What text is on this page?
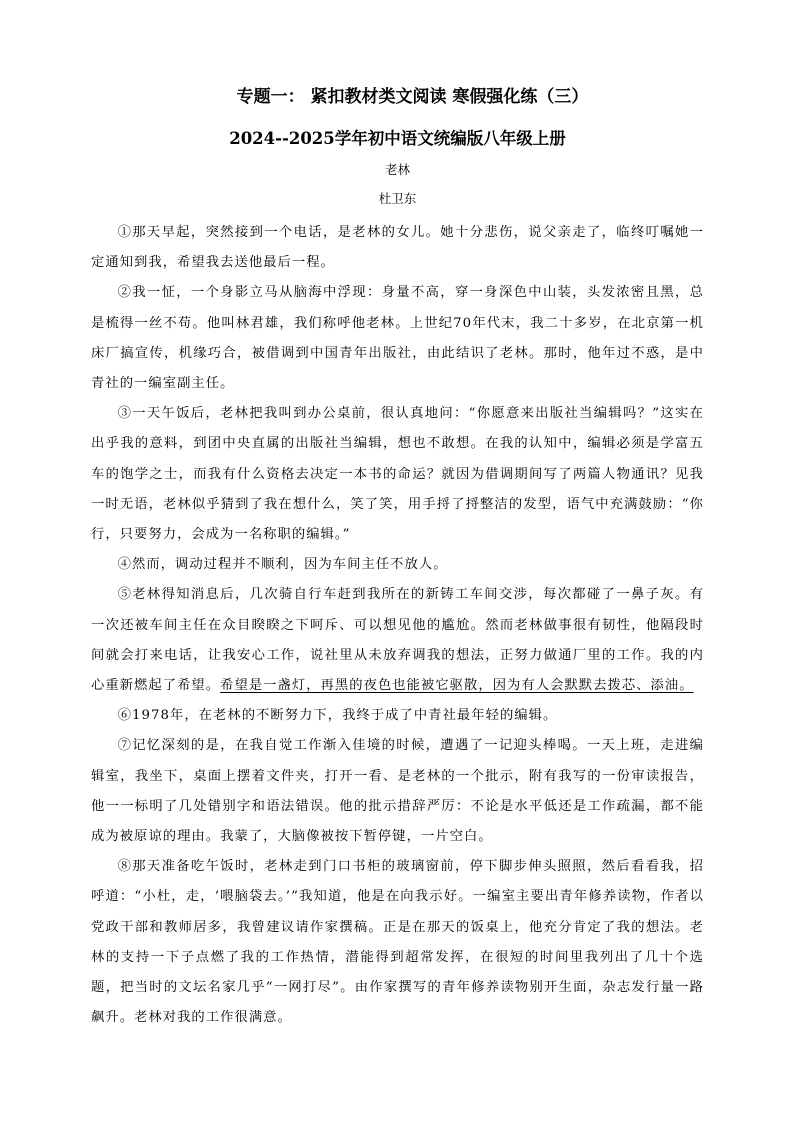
专题一： 紧扣教材类文阅读 寒假强化练（三）
2024--2025学年初中语文统编版八年级上册
老林
杜卫东

①那天早起，突然接到一个电话，是老林的女儿。她十分悲伤，说父亲走了，临终叮嘱她一定通知到我，希望我去送他最后一程。

②我一怔，一个身影立马从脑海中浮现：身量不高，穿一身深色中山装，头发浓密且黑，总是梳得一丝不苟。他叫林君雄，我们称呼他老林。上世纪70年代末，我二十多岁，在北京第一机床厂搞宣传，机缘巧合，被借调到中国青年出版社，由此结识了老林。那时，他年过不惑，是中青社的一编室副主任。

③一天午饭后，老林把我叫到办公桌前，很认真地问：“你愿意来出版社当编辑吗？”这实在出乎我的意料，到团中央直属的出版社当编辑，想也不敢想。在我的认知中，编辑必须是学富五车的饱学之士，而我有什么资格去决定一本书的命运？就因为借调期间写了两篇人物通讯？见我一时无语，老林似乎猜到了我在想什么，笑了笑，用手捋了捋整洁的发型，语气中充满鼓励：“你行，只要努力，会成为一名称职的编辑。”

④然而，调动过程并不顺利，因为车间主任不放人。

⑤老林得知消息后，几次骑自行车赶到我所在的新铸工车间交涉，每次都碰了一鼻子灰。有一次还被车间主任在众目睽睽之下呵斥、可以想见他的尴尬。然而老林做事很有韧性，他隔段时间就会打来电话，让我安心工作，说社里从未放弃调我的想法，正努力做通厂里的工作。我的内心重新燃起了希望。希望是一盏灯，再黑的夜色也能被它驱散，因为有人会默默去拨芯、添油。

⑥1978年，在老林的不断努力下，我终于成了中青社最年轻的编辑。

⑦记忆深刻的是，在我自觉工作渐入佳境的时候，遭遇了一记迎头棒喝。一天上班，走进编辑室，我坐下，桌面上摆着文件夹，打开一看、是老林的一个批示，附有我写的一份审读报告，他一一标明了几处错别字和语法错误。他的批示措辞严厉：不论是水平低还是工作疏漏，都不能成为被原谅的理由。我蒙了，大脑像被按下暂停键，一片空白。

⑧那天准备吃午饭时，老林走到门口书柜的玻璃窗前，停下脚步伸头照照，然后看看我，招呼道：“小杜，走，‘喂脑袋去。’”我知道，他是在向我示好。一编室主要出青年修养读物，作者以党政干部和教师居多，我曾建议请作家撰稿。正是在那天的饭桌上，他充分肯定了我的想法。老林的支持一下子点燃了我的工作热情，潜能得到超常发挥，在很短的时间里我列出了几十个选题，把当时的文坛名家几乎“一网打尽”。由作家撰写的青年修养读物别开生面，杂志发行量一路飙升。老林对我的工作很满意。
